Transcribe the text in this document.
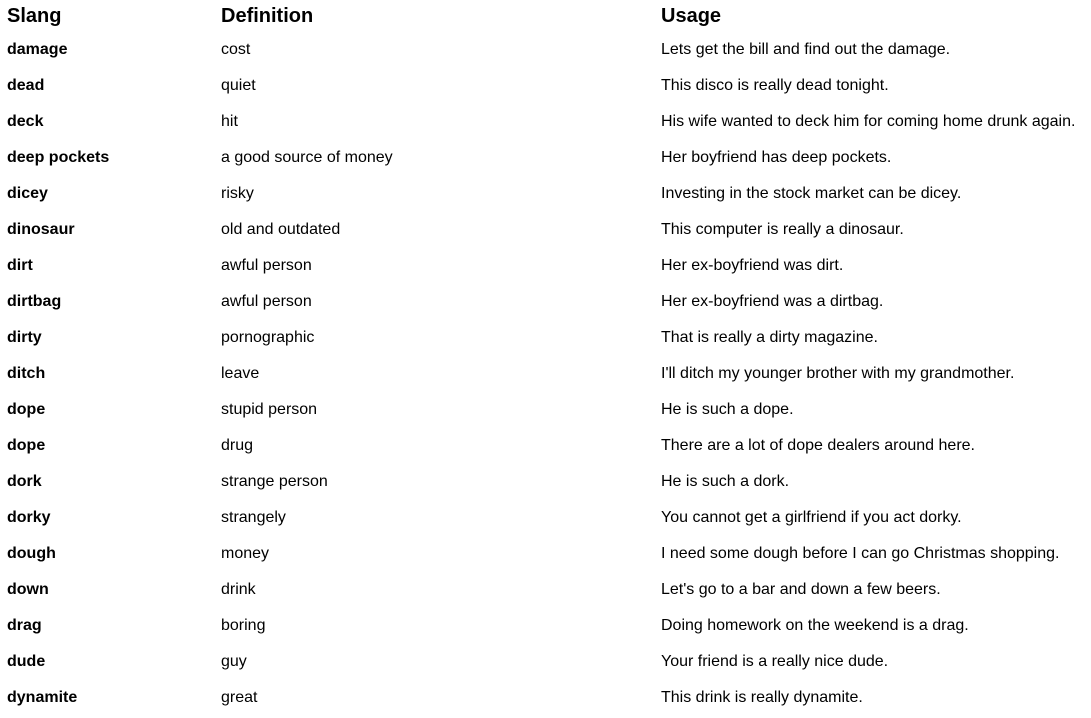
Slang	Definition	Usage
damage	cost	Lets get the bill and find out the damage.
dead	quiet	This disco is really dead tonight.
deck	hit	His wife wanted to deck him for coming home drunk again.
deep pockets	a good source of money	Her boyfriend has deep pockets.
dicey	risky	Investing in the stock market can be dicey.
dinosaur	old and outdated	This computer is really a dinosaur.
dirt	awful person	Her ex-boyfriend was dirt.
dirtbag	awful person	Her ex-boyfriend was a dirtbag.
dirty	pornographic	That is really a dirty magazine.
ditch	leave	I'll ditch my younger brother with my grandmother.
dope	stupid person	He is such a dope.
dope	drug	There are a lot of dope dealers around here.
dork	strange person	He is such a dork.
dorky	strangely	You cannot get a girlfriend if you act dorky.
dough	money	I need some dough before I can go Christmas shopping.
down	drink	Let's go to a bar and down a few beers.
drag	boring	Doing homework on the weekend is a drag.
dude	guy	Your friend is a really nice dude.
dynamite	great	This drink is really dynamite.
